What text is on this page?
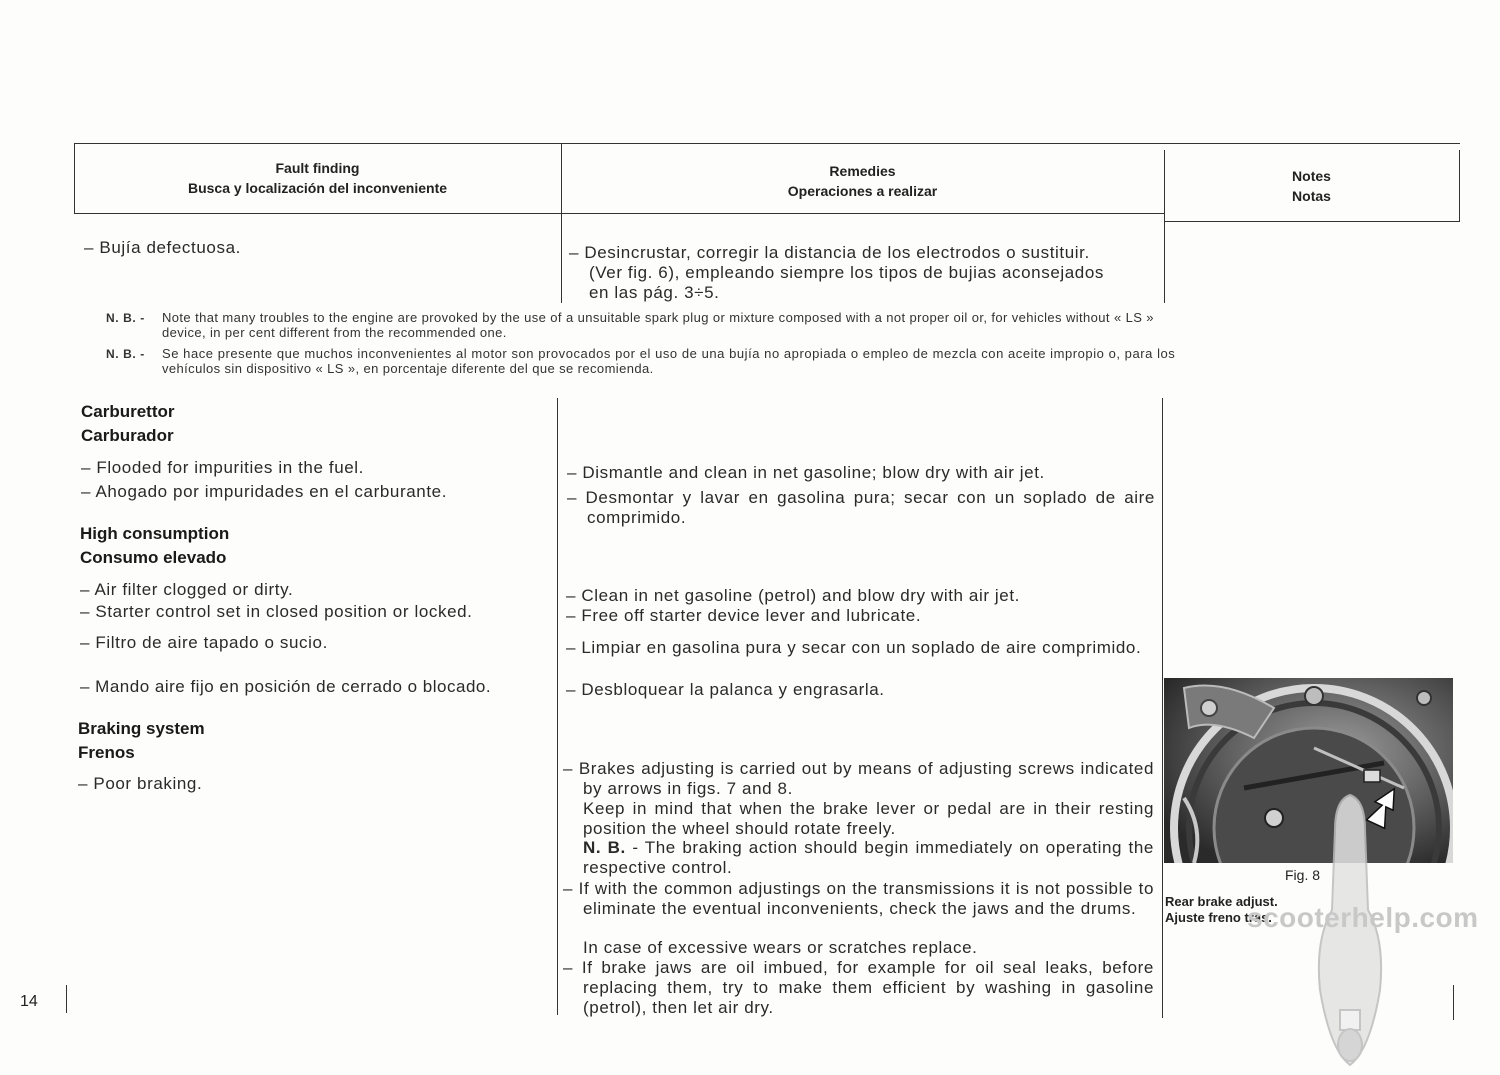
Fault finding
Busca y localización del inconveniente
Remedies
Operaciones a realizar
Notes
Notas
– Bujía defectuosa.	– Desincrustar, corregir la distancia de los electrodos o sustituir.
(Ver fig. 6), empleando siempre los tipos de bujias aconsejados
en las pág. 3÷5.
N. B. - Note that many troubles to the engine are provoked by the use of a unsuitable spark plug or mixture composed with a not proper oil or, for vehicles without « LS »
device, in per cent different from the recommended one.
N. B. - Se hace presente que muchos inconvenientes al motor son provocados por el uso de una bujía no apropiada o empleo de mezcla con aceite impropio o, para los
vehículos sin dispositivo « LS », en porcentaje diferente del que se recomienda.
Carburettor
Carburador
– Flooded for impurities in the fuel.
– Ahogado por impuridades en el carburante.
– Dismantle and clean in net gasoline; blow dry with air jet.
– Desmontar y lavar en gasolina pura; secar con un soplado de aire comprimido.
High consumption
Consumo elevado
– Air filter clogged or dirty.
– Starter control set in closed position or locked.
– Filtro de aire tapado o sucio.
– Mando aire fijo en posición de cerrado o blocado.
– Clean in net gasoline (petrol) and blow dry with air jet.
– Free off starter device lever and lubricate.
– Limpiar en gasolina pura y secar con un soplado de aire comprimido.
– Desbloquear la palanca y engrasarla.
Braking system
Frenos
– Poor braking.
– Brakes adjusting is carried out by means of adjusting screws indicated by arrows in figs. 7 and 8.
Keep in mind that when the brake lever or pedal are in their resting position the wheel should rotate freely.
N. B. - The braking action should begin immediately on operating the respective control.
– If with the common adjustings on the transmissions it is not possible to eliminate the eventual inconvenients, check the jaws and the drums.
In case of excessive wears or scratches replace.
– If brake jaws are oil imbued, for example for oil seal leaks, before replacing them, try to make them efficient by washing in gasoline (petrol), then let air dry.
Fig. 8
Rear brake adjust.
Ajuste freno tras.
scooterhelp.com
14
